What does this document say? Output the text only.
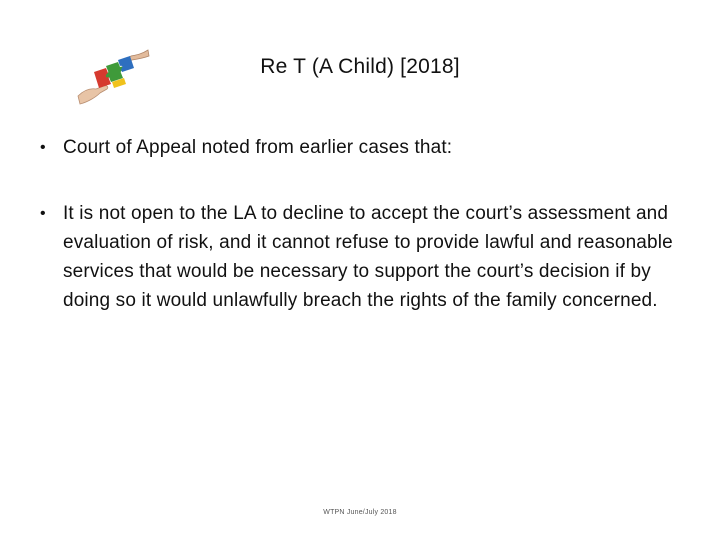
Re T (A Child) [2018]
• Court of Appeal noted from earlier cases that:
• It is not open to the LA to decline to accept the court’s assessment and evaluation of risk, and it cannot refuse to provide lawful and reasonable services that would be necessary to support the court’s decision if by doing so it would unlawfully breach the rights of the family concerned.
WTPN June/July 2018
